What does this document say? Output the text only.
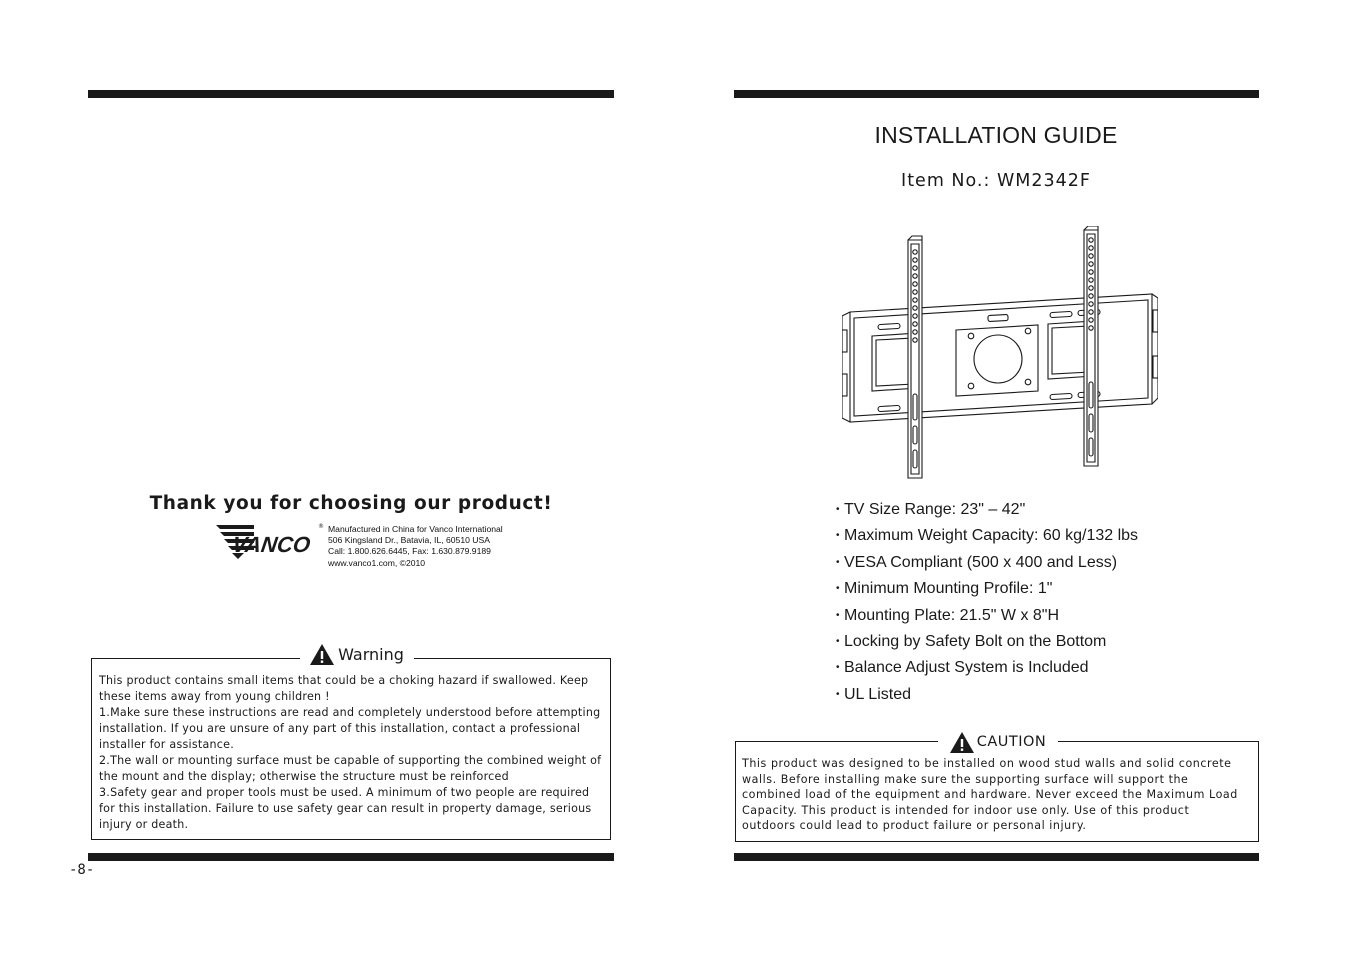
Thank you for choosing our product!
VANCO
® Manufactured in China for Vanco International
506 Kingsland Dr., Batavia, IL, 60510 USA
Call: 1.800.626.6445, Fax: 1.630.879.9189
www.vanco1.com, ©2010
Warning
This product contains small items that could be a choking hazard if swallowed. Keep
these items away from young children !
1.Make sure these instructions are read and completely understood before attempting
installation. If you are unsure of any part of this installation, contact a professional
installer for assistance.
2.The wall or mounting surface must be capable of supporting the combined weight of
the mount and the display; otherwise the structure must be reinforced
3.Safety gear and proper tools must be used. A minimum of two people are required
for this installation. Failure to use safety gear can result in property damage, serious
injury or death.
-8-
INSTALLATION GUIDE
Item No.: WM2342F
• TV Size Range: 23" – 42"
• Maximum Weight Capacity: 60 kg/132 lbs
• VESA Compliant (500 x 400 and Less)
• Minimum Mounting Profile: 1"
• Mounting Plate: 21.5" W x 8"H
• Locking by Safety Bolt on the Bottom
• Balance Adjust System is Included
• UL Listed
CAUTION
This product was designed to be installed on wood stud walls and solid concrete
walls. Before installing make sure the supporting surface will support the
combined load of the equipment and hardware. Never exceed the Maximum Load
Capacity. This product is intended for indoor use only. Use of this product
outdoors could lead to product failure or personal injury.
